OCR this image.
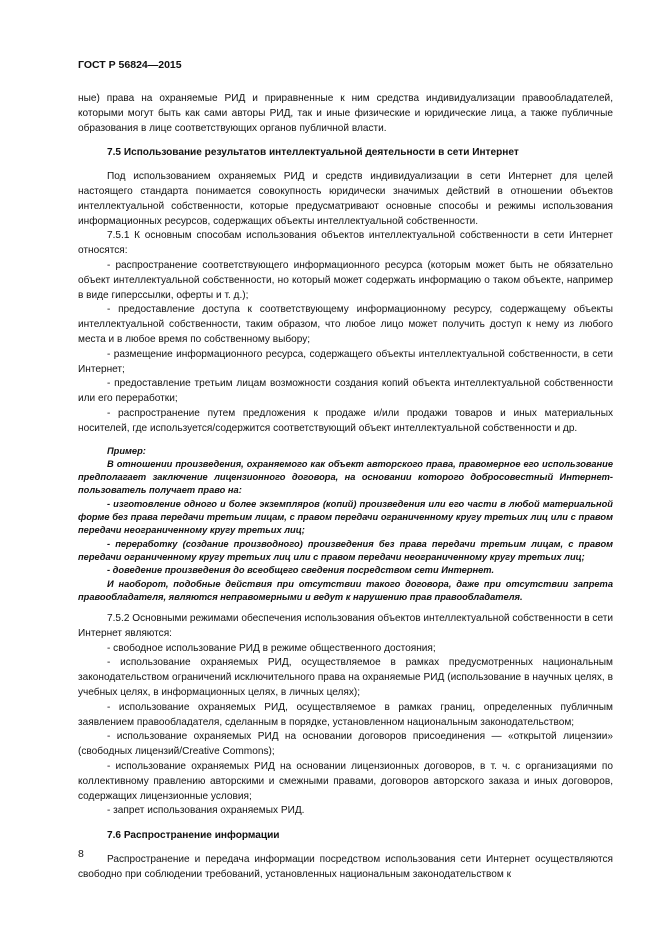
ГОСТ Р 56824—2015

ные) права на охраняемые РИД и приравненные к ним средства индивидуализации правообладателей, которыми могут быть как сами авторы РИД, так и иные физические и юридические лица, а также публичные образования в лице соответствующих органов публичной власти.

7.5 Использование результатов интеллектуальной деятельности в сети Интернет

Под использованием охраняемых РИД и средств индивидуализации в сети Интернет для целей настоящего стандарта понимается совокупность юридически значимых действий в отношении объектов интеллектуальной собственности, которые предусматривают основные способы и режимы использования информационных ресурсов, содержащих объекты интеллектуальной собственности.

7.5.1 К основным способам использования объектов интеллектуальной собственности в сети Интернет относятся:

- распространение соответствующего информационного ресурса (которым может быть не обязательно объект интеллектуальной собственности, но который может содержать информацию о таком объекте, например в виде гиперссылки, оферты и т. д.);

- предоставление доступа к соответствующему информационному ресурсу, содержащему объекты интеллектуальной собственности, таким образом, что любое лицо может получить доступ к нему из любого места и в любое время по собственному выбору;

- размещение информационного ресурса, содержащего объекты интеллектуальной собственности, в сети Интернет;

- предоставление третьим лицам возможности создания копий объекта интеллектуальной собственности или его переработки;

- распространение путем предложения к продаже и/или продажи товаров и иных материальных носителей, где используется/содержится соответствующий объект интеллектуальной собственности и др.

Пример:

В отношении произведения, охраняемого как объект авторского права, правомерное его использование предполагает заключение лицензионного договора, на основании которого добросовестный Интернет-пользователь получает право на:

- изготовление одного и более экземпляров (копий) произведения или его части в любой материальной форме без права передачи третьим лицам, с правом передачи ограниченному кругу третьих лиц или с правом передачи неограниченному кругу третьих лиц;

- переработку (создание производного) произведения без права передачи третьим лицам, с правом передачи ограниченному кругу третьих лиц или с правом передачи неограниченному кругу третьих лиц;

- доведение произведения до всеобщего сведения посредством сети Интернет.

И наоборот, подобные действия при отсутствии такого договора, даже при отсутствии запрета правообладателя, являются неправомерными и ведут к нарушению прав правообладателя.

7.5.2 Основными режимами обеспечения использования объектов интеллектуальной собственности в сети Интернет являются:

- свободное использование РИД в режиме общественного достояния;

- использование охраняемых РИД, осуществляемое в рамках предусмотренных национальным законодательством ограничений исключительного права на охраняемые РИД (использование в научных целях, в учебных целях, в информационных целях, в личных целях);

- использование охраняемых РИД, осуществляемое в рамках границ, определенных публичным заявлением правообладателя, сделанным в порядке, установленном национальным законодательством;

- использование охраняемых РИД на основании договоров присоединения — «открытой лицензии» (свободных лицензий/Creative Commons);

- использование охраняемых РИД на основании лицензионных договоров, в т. ч. с организациями по коллективному правлению авторскими и смежными правами, договоров авторского заказа и иных договоров, содержащих лицензионные условия;

- запрет использования охраняемых РИД.

7.6 Распространение информации

Распространение и передача информации посредством использования сети Интернет осуществляются свободно при соблюдении требований, установленных национальным законодательством к

8
